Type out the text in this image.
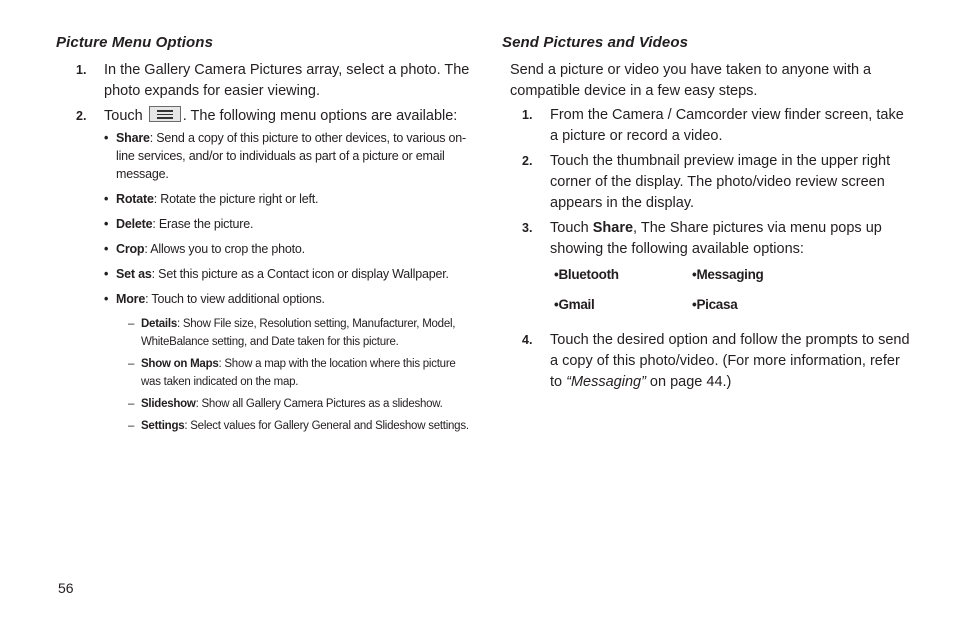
Picture Menu Options
1. In the Gallery Camera Pictures array, select a photo. The photo expands for easier viewing.
2. Touch	. The following menu options are available:
• Share: Send a copy of this picture to other devices, to various on-line services, and/or to individuals as part of a picture or email message.
• Rotate: Rotate the picture right or left.
• Delete: Erase the picture.
• Crop: Allows you to crop the photo.
• Set as: Set this picture as a Contact icon or display Wallpaper.
• More: Touch to view additional options.
– Details: Show File size, Resolution setting, Manufacturer, Model, WhiteBalance setting, and Date taken for this picture.
– Show on Maps: Show a map with the location where this picture was taken indicated on the map.
– Slideshow: Show all Gallery Camera Pictures as a slideshow.
– Settings: Select values for Gallery General and Slideshow settings.
Send Pictures and Videos

Send a picture or video you have taken to anyone with a compatible device in a few easy steps.

1. From the Camera / Camcorder view finder screen, take a picture or record a video.
2. Touch the thumbnail preview image in the upper right corner of the display. The photo/video review screen appears in the display.
3. Touch Share, The Share pictures via menu pops up showing the following available options:
• Bluetooth	• Messaging
• Gmail	• Picasa
4. Touch the desired option and follow the prompts to send a copy of this photo/video. (For more information, refer to “Messaging” on page 44.)
56
